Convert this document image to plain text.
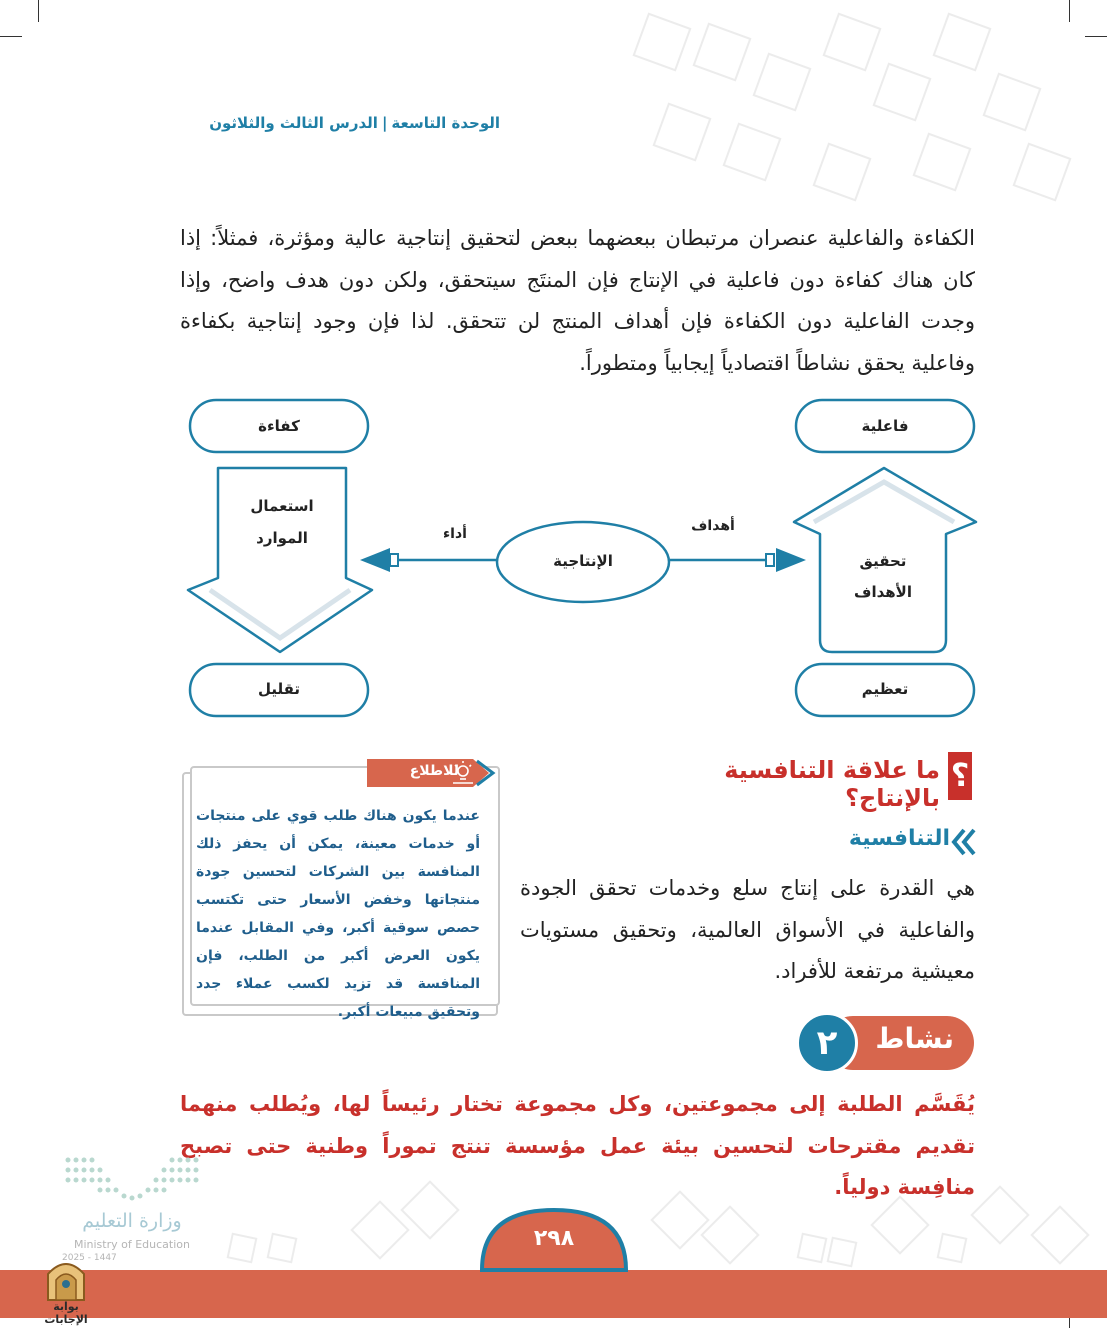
الوحدة التاسعة|الدرس الثالث والثلاثون
الكفاءة والفاعلية عنصران مرتبطان ببعضهما ببعض لتحقيق إنتاجية عالية ومؤثرة، فمثلاً: إذا كان هناك كفاءة دون فاعلية في الإنتاج فإن المنتَج سيتحقق، ولكن دون هدف واضح، وإذا وجدت الفاعلية دون الكفاءة فإن أهداف المنتج لن تتحقق. لذا فإن وجود إنتاجية بكفاءة وفاعلية يحقق نشاطاً اقتصادياً إيجابياً ومتطوراً.
كفاءة
استعمال
الموارد
تقليل
الإنتاجية
أداء	أهداف
فاعلية
تحقيق
الأهداف
تعظيم
؟
ما علاقة التنافسية بالإنتاج؟
للاطلاع
عندما يكون هناك طلب قوي على منتجات أو خدمات معينة، يمكن أن يحفز ذلك المنافسة بين الشركات لتحسين جودة منتجاتها وخفض الأسعار حتى تكتسب حصص سوقية أكبر، وفي المقابل عندما يكون العرض أكبر من الطلب، فإن المنافسة قد تزيد لكسب عملاء جدد وتحقيق مبيعات أكبر.
التنافسية
هي القدرة على إنتاج سلع وخدمات تحقق الجودة والفاعلية في الأسواق العالمية، وتحقيق مستويات معيشية مرتفعة للأفراد.
نشاط
٢
يُقَسَّم الطلبة إلى مجموعتين، وكل مجموعة تختار رئيساً لها، ويُطلب منهما تقديم مقترحات لتحسين بيئة عمل مؤسسة تنتج تموراً وطنية حتى تصبح منافِسة دولياً.
وزارة التعليم
Ministry of Education
2025 - 1447
٢٩٨
بوابة الإجابات
